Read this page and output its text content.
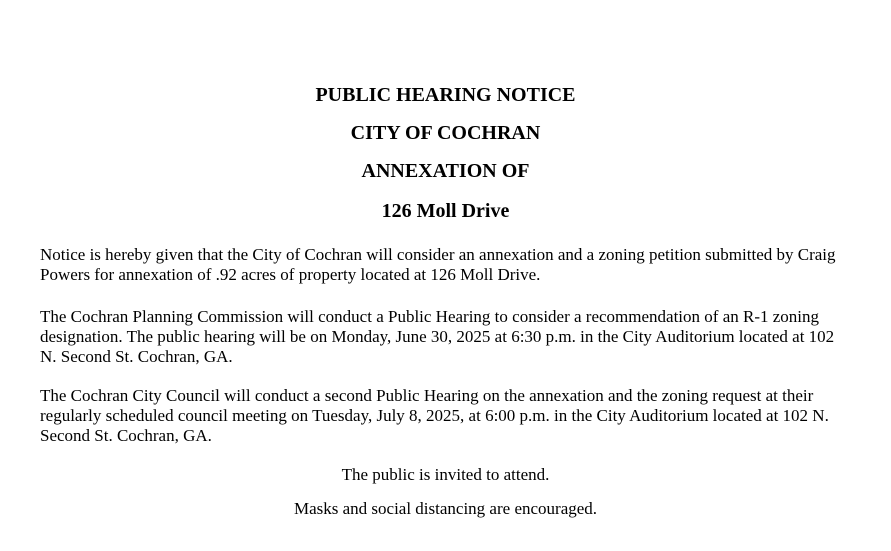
PUBLIC HEARING NOTICE
CITY OF COCHRAN
ANNEXATION OF
126 Moll Drive

Notice is hereby given that the City of Cochran will consider an annexation and a zoning petition submitted by Craig Powers for annexation of .92 acres of property located at 126 Moll Drive.

The Cochran Planning Commission will conduct a Public Hearing to consider a recommendation of an R-1 zoning designation. The public hearing will be on Monday, June 30, 2025 at 6:30 p.m. in the City Auditorium located at 102 N. Second St. Cochran, GA.

The Cochran City Council will conduct a second Public Hearing on the annexation and the zoning request at their regularly scheduled council meeting on Tuesday, July 8, 2025, at 6:00 p.m. in the City Auditorium located at 102 N. Second St. Cochran, GA.

The public is invited to attend.

Masks and social distancing are encouraged.
